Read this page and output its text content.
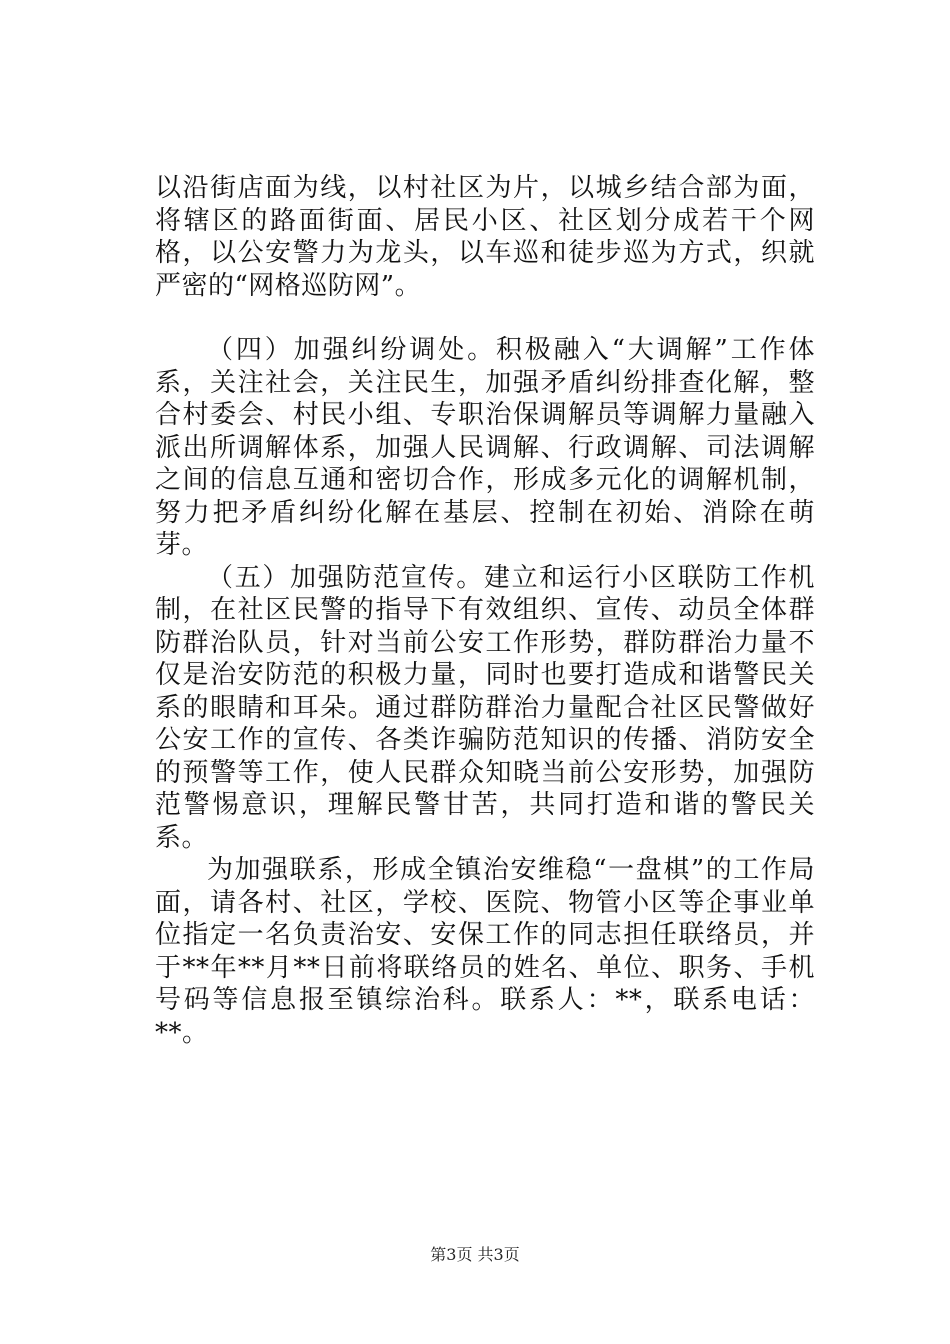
以沿街店面为线，以村社区为片，以城乡结合部为面，将辖区的路面街面、居民小区、社区划分成若干个网格，以公安警力为龙头，以车巡和徒步巡为方式，织就严密的“网格巡防网”。

（四）加强纠纷调处。积极融入“大调解”工作体系，关注社会，关注民生，加强矛盾纠纷排查化解，整合村委会、村民小组、专职治保调解员等调解力量融入派出所调解体系，加强人民调解、行政调解、司法调解之间的信息互通和密切合作，形成多元化的调解机制，努力把矛盾纠纷化解在基层、控制在初始、消除在萌芽。

（五）加强防范宣传。建立和运行小区联防工作机制，在社区民警的指导下有效组织、宣传、动员全体群防群治队员，针对当前公安工作形势，群防群治力量不仅是治安防范的积极力量，同时也要打造成和谐警民关系的眼睛和耳朵。通过群防群治力量配合社区民警做好公安工作的宣传、各类诈骗防范知识的传播、消防安全的预警等工作，使人民群众知晓当前公安形势，加强防范警惕意识，理解民警甘苦，共同打造和谐的警民关系。

为加强联系，形成全镇治安维稳“一盘棋”的工作局面，请各村、社区，学校、医院、物管小区等企事业单位指定一名负责治安、安保工作的同志担任联络员，并于**年**月**日前将联络员的姓名、单位、职务、手机号码等信息报至镇综治科。联系人：**，联系电话：**。

第3页 共3页
